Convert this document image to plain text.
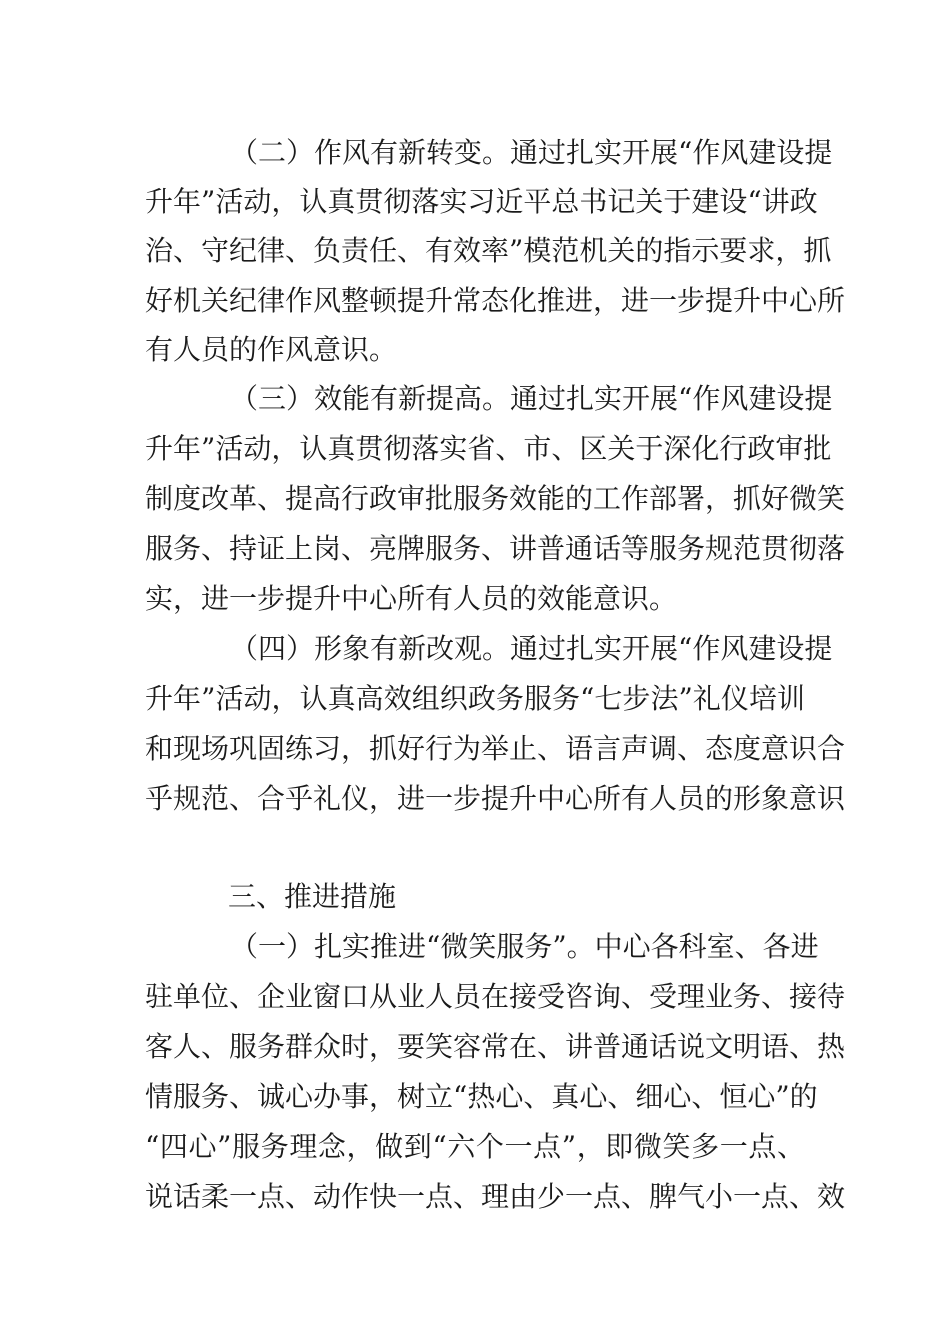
（二）作风有新转变。通过扎实开展“作风建设提
升年”活动，认真贯彻落实习近平总书记关于建设“讲政
治、守纪律、负责任、有效率”模范机关的指示要求，抓
好机关纪律作风整顿提升常态化推进，进一步提升中心所
有人员的作风意识。
（三）效能有新提高。通过扎实开展“作风建设提
升年”活动，认真贯彻落实省、市、区关于深化行政审批
制度改革、提高行政审批服务效能的工作部署，抓好微笑
服务、持证上岗、亮牌服务、讲普通话等服务规范贯彻落
实，进一步提升中心所有人员的效能意识。
（四）形象有新改观。通过扎实开展“作风建设提
升年”活动，认真高效组织政务服务“七步法”礼仪培训
和现场巩固练习，抓好行为举止、语言声调、态度意识合
乎规范、合乎礼仪，进一步提升中心所有人员的形象意识
三、推进措施
（一）扎实推进“微笑服务”。中心各科室、各进
驻单位、企业窗口从业人员在接受咨询、受理业务、接待
客人、服务群众时，要笑容常在、讲普通话说文明语、热
情服务、诚心办事，树立“热心、真心、细心、恒心”的
“四心”服务理念，做到“六个一点”，即微笑多一点、
说话柔一点、动作快一点、理由少一点、脾气小一点、效
